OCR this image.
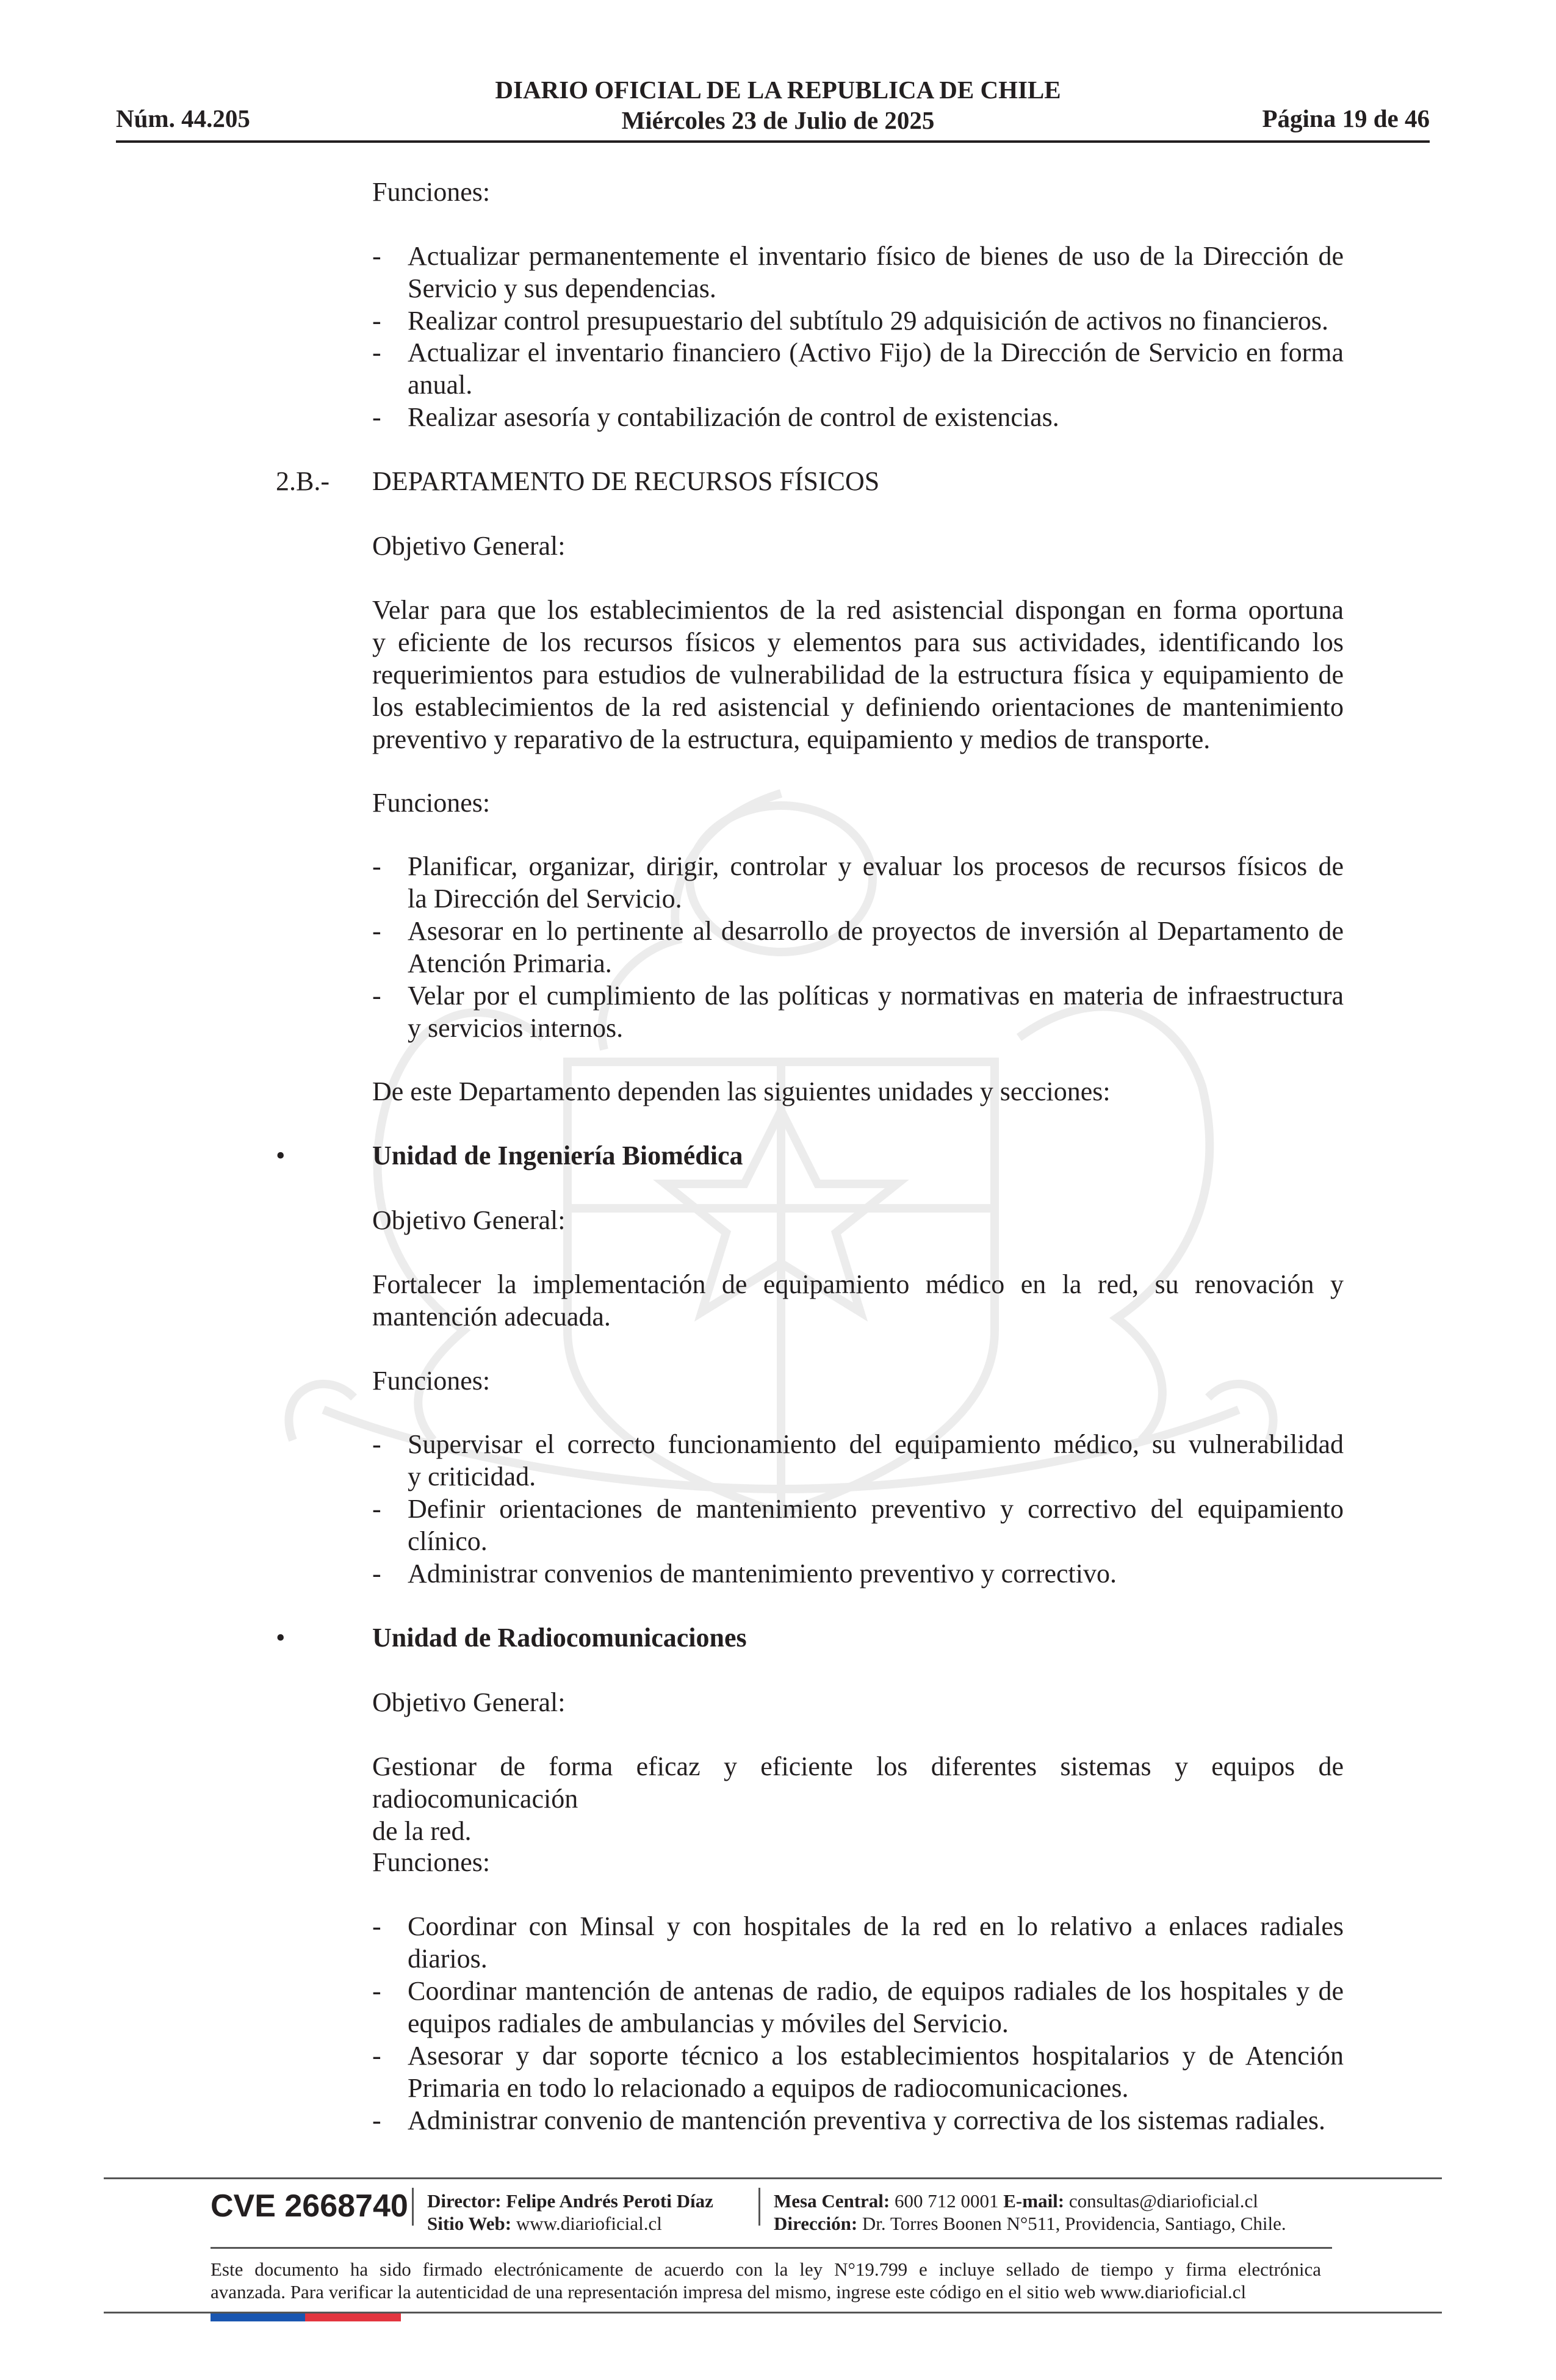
Núm. 44.205
DIARIO OFICIAL DE LA REPUBLICA DE CHILE
Miércoles 23 de Julio de 2025	Página 19 de 46
Funciones:
- Actualizar permanentemente el inventario físico de bienes de uso de la Dirección de
Servicio y sus dependencias.
- Realizar control presupuestario del subtítulo 29 adquisición de activos no financieros.
- Actualizar el inventario financiero (Activo Fijo) de la Dirección de Servicio en forma
anual.
- Realizar asesoría y contabilización de control de existencias.
2.B.- DEPARTAMENTO DE RECURSOS FÍSICOS
Objetivo General:
Velar para que los establecimientos de la red asistencial dispongan en forma oportuna
y eficiente de los recursos físicos y elementos para sus actividades, identificando los
requerimientos para estudios de vulnerabilidad de la estructura física y equipamiento de
los establecimientos de la red asistencial y definiendo orientaciones de mantenimiento
preventivo y reparativo de la estructura, equipamiento y medios de transporte.
Funciones:
- Planificar, organizar, dirigir, controlar y evaluar los procesos de recursos físicos de
la Dirección del Servicio.
- Asesorar en lo pertinente al desarrollo de proyectos de inversión al Departamento de
Atención Primaria.
- Velar por el cumplimiento de las políticas y normativas en materia de infraestructura
y servicios internos.
De este Departamento dependen las siguientes unidades y secciones:
•	Unidad de Ingeniería Biomédica
Objetivo General:
Fortalecer la implementación de equipamiento médico en la red, su renovación y
mantención adecuada.
Funciones:
- Supervisar el correcto funcionamiento del equipamiento médico, su vulnerabilidad
y criticidad.
- Definir orientaciones de mantenimiento preventivo y correctivo del equipamiento
clínico.
- Administrar convenios de mantenimiento preventivo y correctivo.
•	Unidad de Radiocomunicaciones
Objetivo General:
Gestionar de forma eficaz y eficiente los diferentes sistemas y equipos de radiocomunicación
de la red.
Funciones:
- Coordinar con Minsal y con hospitales de la red en lo relativo a enlaces radiales
diarios.
- Coordinar mantención de antenas de radio, de equipos radiales de los hospitales y de
equipos radiales de ambulancias y móviles del Servicio.
- Asesorar y dar soporte técnico a los establecimientos hospitalarios y de Atención
Primaria en todo lo relacionado a equipos de radiocomunicaciones.
- Administrar convenio de mantención preventiva y correctiva de los sistemas radiales.
CVE 2668740 Director: Felipe Andrés Peroti Díaz
Sitio Web: www.diarioficial.cl
Mesa Central: 600 712 0001 E-mail: consultas@diarioficial.cl
Dirección: Dr. Torres Boonen N°511, Providencia, Santiago, Chile.
Este documento ha sido firmado electrónicamente de acuerdo con la ley N°19.799 e incluye sellado de tiempo y firma electrónica
avanzada. Para verificar la autenticidad de una representación impresa del mismo, ingrese este código en el sitio web www.diarioficial.cl
